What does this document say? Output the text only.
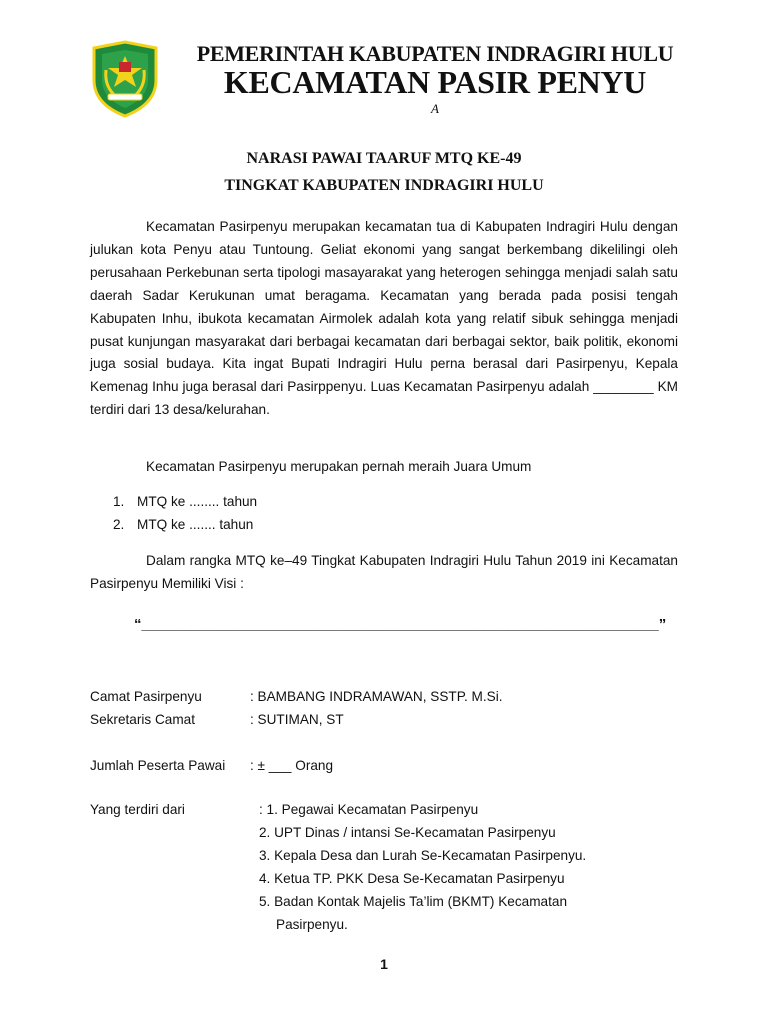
PEMERINTAH KABUPATEN INDRAGIRI HULU

KECAMATAN PASIR PENYU

A

NARASI PAWAI TAARUF MTQ KE-49

TINGKAT KABUPATEN INDRAGIRI HULU

Kecamatan Pasirpenyu merupakan kecamatan tua di Kabupaten Indragiri Hulu dengan julukan kota Penyu atau Tuntoung. Geliat ekonomi yang sangat berkembang dikelilingi oleh perusahaan Perkebunan serta tipologi masayarakat yang heterogen sehingga menjadi salah satu daerah Sadar Kerukunan umat beragama. Kecamatan yang berada pada posisi tengah Kabupaten Inhu, ibukota kecamatan Airmolek adalah kota yang relatif sibuk sehingga menjadi pusat kunjungan masyarakat dari berbagai kecamatan dari berbagai sektor, baik politik, ekonomi juga sosial budaya. Kita ingat Bupati Indragiri Hulu perna berasal dari Pasirpenyu, Kepala Kemenag Inhu juga berasal dari Pasirppenyu. Luas Kecamatan Pasirpenyu adalah ________ KM terdiri dari 13 desa/kelurahan.

Kecamatan Pasirpenyu merupakan pernah meraih Juara Umum

1. MTQ ke ........ tahun

2. MTQ ke ....... tahun

Dalam rangka MTQ ke–49 Tingkat Kabupaten Indragiri Hulu Tahun 2019 ini Kecamatan Pasirpenyu Memiliki Visi :

“______________________________________________________________”

Camat Pasirpenyu	: BAMBANG INDRAMAWAN, SSTP. M.Si.

Sekretaris Camat	: SUTIMAN, ST

Jumlah Peserta Pawai : ± ___ Orang

Yang terdiri dari	: 1. Pegawai Kecamatan Pasirpenyu

2. UPT Dinas / intansi Se-Kecamatan Pasirpenyu

3. Kepala Desa dan Lurah Se-Kecamatan Pasirpenyu.

4. Ketua TP. PKK Desa Se-Kecamatan Pasirpenyu

5. Badan Kontak Majelis Ta’lim (BKMT) Kecamatan

Pasirpenyu.

1
